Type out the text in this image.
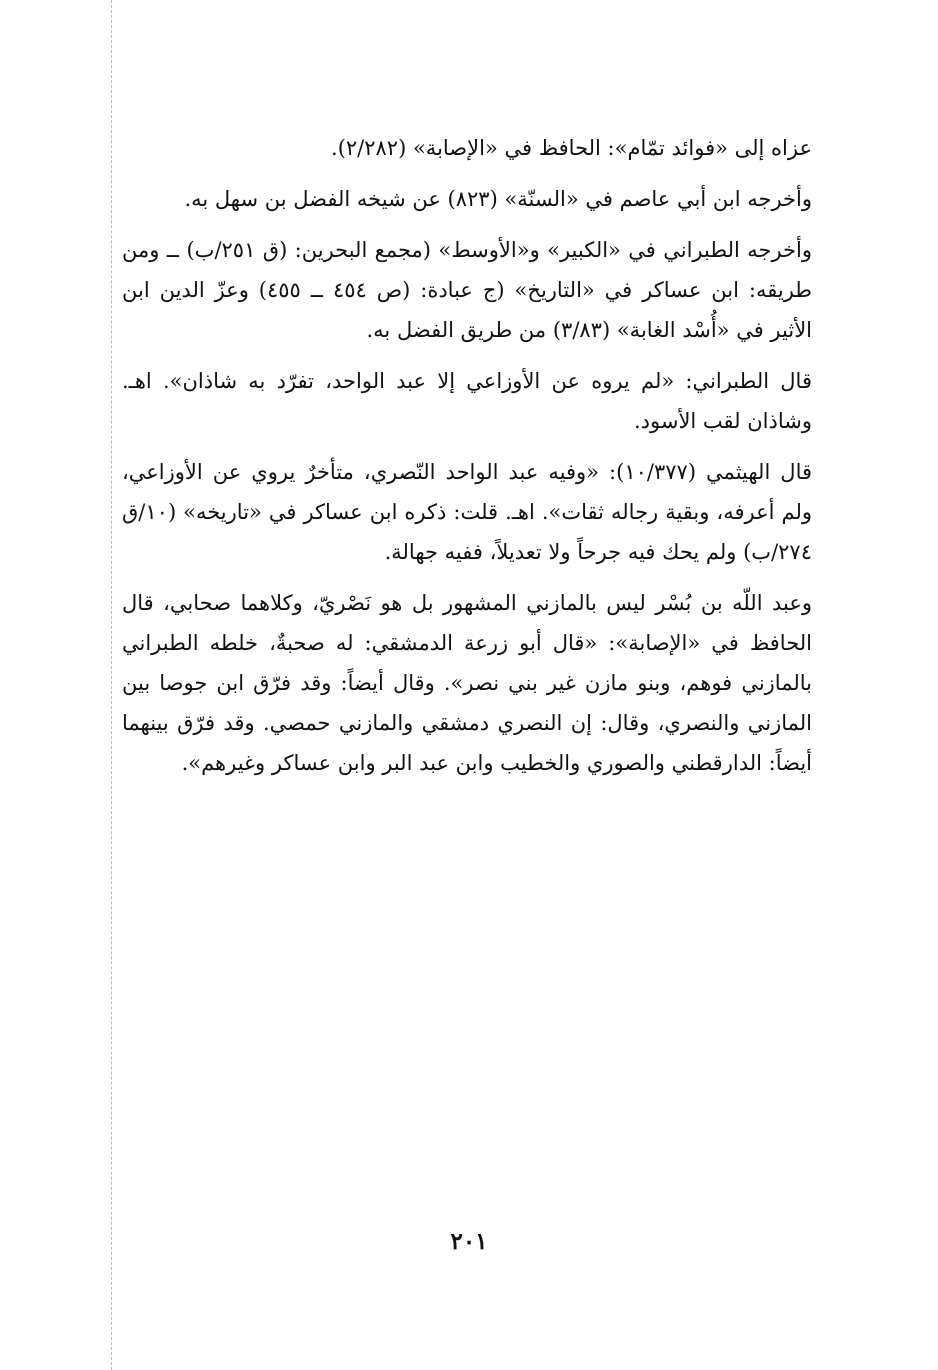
عزاه إلى «فوائد تمّام»: الحافظ في «الإصابة» (٢/٢٨٢).

وأخرجه ابن أبي عاصم في «السنّة» (٨٢٣) عن شيخه الفضل بن سهل به.

وأخرجه الطبراني في «الكبير» و«الأوسط» (مجمع البحرين: (ق ٢٥١/ب) ــ ومن طريقه: ابن عساكر في «التاريخ» (ج عبادة: (ص ٤٥٤ ــ ٤٥٥) وعزّ الدين ابن الأثير في «أُسْد الغابة» (٣/٨٣) من طريق الفضل به.

قال الطبراني: «لم يروه عن الأوزاعي إلا عبد الواحد، تفرّد به شاذان». اهـ. وشاذان لقب الأسود.

قال الهيثمي (١٠/٣٧٧): «وفيه عبد الواحد النّصري، متأخرٌ يروي عن الأوزاعي، ولم أعرفه، وبقية رجاله ثقات». اهـ. قلت: ذكره ابن عساكر في «تاريخه» (١٠/ق ٢٧٤/ب) ولم يحك فيه جرحاً ولا تعديلاً، ففيه جهالة.

وعبد اللّه بن بُسْر ليس بالمازني المشهور بل هو نَصْريّ، وكلاهما صحابي، قال الحافظ في «الإصابة»: «قال أبو زرعة الدمشقي: له صحبةٌ، خلطه الطبراني بالمازني فوهم، وبنو مازن غير بني نصر». وقال أيضاً: وقد فرّق ابن جوصا بين المازني والنصري، وقال: إن النصري دمشقي والمازني حمصي. وقد فرّق بينهما أيضاً: الدارقطني والصوري والخطيب وابن عبد البر وابن عساكر وغيرهم».

٢٠١
